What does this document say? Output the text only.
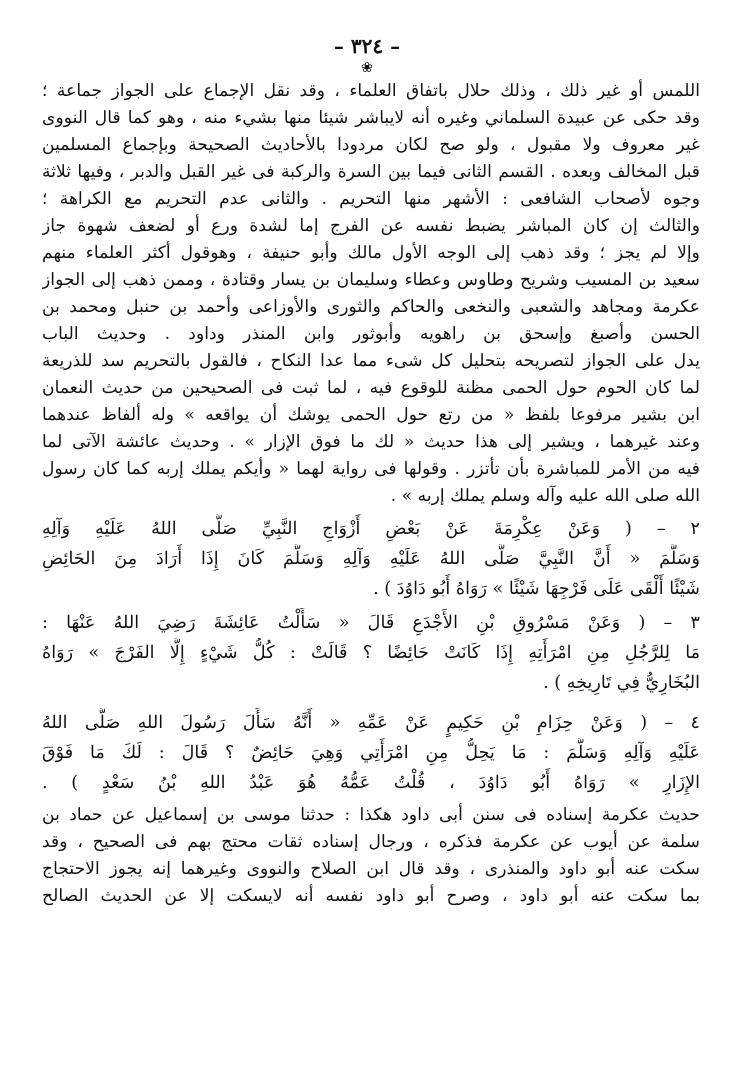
– ٣٢٤ –
❀
اللمس أو غير ذلك ، وذلك حلال باتفاق العلماء ، وقد نقل الإجماع على الجواز جماعة ؛
وقد حكى عن عبيدة السلماني وغيره أنه لايباشر شيئا منها بشيء منه ، وهو كما قال النووى
غير معروف ولا مقبول ، ولو صح لكان مردودا بالأحاديث الصحيحة وبإجماع المسلمين
قبل المخالف وبعده . القسم الثانى فيما بين السرة والركبة فى غير القبل والدبر ، وفيها ثلاثة
وجوه لأصحاب الشافعى : الأشهر منها التحريم . والثانى عدم التحريم مع الكراهة ؛
والثالث إن كان المباشر يضبط نفسه عن الفرج إما لشدة ورع أو لضعف شهوة جاز
وإلا لم يجز ؛ وقد ذهب إلى الوجه الأول مالك وأبو حنيفة ، وهوقول أكثر العلماء منهم
سعيد بن المسيب وشريح وطاوس وعطاء وسليمان بن يسار وقتادة ، وممن ذهب إلى الجواز
عكرمة ومجاهد والشعبى والنخعى والحاكم والثورى والأوزاعى وأحمد بن حنبل ومحمد بن
الحسن وأصبغ وإسحق بن راهويه وأبوثور وابن المنذر وداود . وحديث الباب
يدل على الجواز لتصريحه بتحليل كل شىء مما عدا النكاح ، فالقول بالتحريم سد للذريعة
لما كان الحوم حول الحمى مظنة للوقوع فيه ، لما ثبت فى الصحيحين من حديث النعمان
ابن بشير مرفوعا بلفظ « من رتع حول الحمى يوشك أن يواقعه » وله ألفاظ عندهما
وعند غيرهما ، ويشير إلى هذا حديث « لك ما فوق الإزار » . وحديث عائشة الآتى لما
فيه من الأمر للمباشرة بأن تأتزر . وقولها فى رواية لهما « وأيكم يملك إربه كما كان رسول
الله صلى الله عليه وآله وسلم يملك إربه » .
٢ – ( وَعَنْ عِكْرِمَةَ عَنْ بَعْضِ أَزْوَاجِ النَّبِيِّ صَلَّى اللهُ عَلَيْهِ وَآلِهِ
وَسَلَّمَ « أَنَّ النَّبِيَّ صَلَّى اللهُ عَلَيْهِ وَآلِهِ وَسَلَّمَ كَانَ إِذَا أَرَادَ مِنَ الحَائِضِ
شَيْئًا أَلْقَى عَلَى فَرْجِهَا شَيْئًا » رَوَاهُ أَبُو دَاوُدَ ) .
٣ – ( وَعَنْ مَسْرُوقِ بْنِ الأَجْدَعِ قَالَ « سَأَلْتُ عَائِشَةَ رَضِيَ اللهُ عَنْهَا :
مَا لِلرَّجُلِ مِنِ امْرَأَتِهِ إِذَا كَانَتْ حَائِضًا ؟ قَالَتْ : كُلُّ شَيْءٍ إِلَّا الفَرْجَ » رَوَاهُ
البُخَارِيُّ فِي تَارِيخِهِ ) .
٤ – ( وَعَنْ حِزَامِ بْنِ حَكِيمٍ عَنْ عَمِّهِ « أَنَّهُ سَأَلَ رَسُولَ اللهِ صَلَّى اللهُ
عَلَيْهِ وَآلِهِ وَسَلَّمَ : مَا يَحِلُّ مِنِ امْرَأَتِي وَهِيَ حَائِضٌ ؟ قَالَ : لَكَ مَا فَوْقَ
الإِزَارِ » رَوَاهُ أَبُو دَاوُدَ ، قُلْتُ عَمُّهُ هُوَ عَبْدُ اللهِ بْنُ سَعْدٍ ) .
حديث عكرمة إسناده فى سنن أبى داود هكذا : حدثنا موسى بن إسماعيل عن حماد بن
سلمة عن أيوب عن عكرمة فذكره ، ورجال إسناده ثقات محتج بهم فى الصحيح ، وقد
سكت عنه أبو داود والمنذرى ، وقد قال ابن الصلاح والنووى وغيرهما إنه يجوز الاحتجاج
بما سكت عنه أبو داود ، وصرح أبو داود نفسه أنه لايسكت إلا عن الحديث الصالح
